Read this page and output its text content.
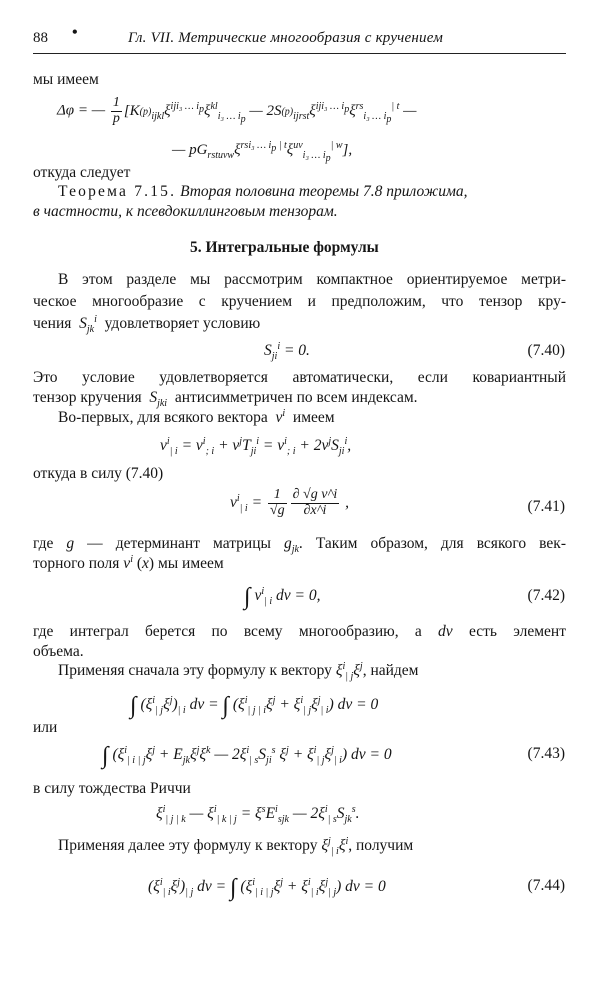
88 •	Гл. VII. Метрические многообразия с кручением
мы имеем
Δφ = — $\frac{1}{p} [K_{^{(p)}ijkl}\xi^{iji_3 \dots i_p}\xi^{kl}_{i_3 \dots i_p}$ — $2S_{^{(p)}ijrst}\xi^{iji_3 \dots i_p}\xi^{rs}_{i_3 \dots i_p}^{| t}$ —
— $pG_{rstuvw}\xi^{rsi_3 \dots i_p | t}\xi^{uv}_{i_3 \dots i_p}^{| w}$],
откуда следует
Теорема 7.15. Вторая половина теоремы 7.8 приложима,
в частности, к псевдокиллинговым тензорам.
5. Интегральные формулы
В этом разделе мы рассмотрим компактное ориентируемое метри-
ческое многообразие с кручением и предположим, что тензор кру-
чения  $S_{jk}^i$ удовлетворяет условию
$S_{ji}^i = 0$.	(7.40)
Это условие удовлетворяется автоматически, если ковариантный
тензор кручения  $S_{jki}$ антисимметричен по всем индексам.
Во-первых, для всякого вектора  $v^i$ имеем
$v^i_{| i} = v^i_{; i} + v^jT_{ji}^i = v^i_{; i} + 2v^jS_{ji}^i$,
откуда в силу (7.40)
$v^i_{| i} = \frac{1}{√g} \frac{\text{∂ √g v\textasciicircum{}i}}{\partial x\^{}i}$ ,	(7.41)
где g — детерминант матрицы $g_{jk}$. Таким образом, для всякого век-
торного поля $v^i$ (x) мы имеем
∫ $v^i_{| i}$ dv = 0,	(7.42)
где интеграл берется по всему многообразию, а dv есть элемент
объема.
Применяя сначала эту формулу к вектору $\xi^i_{| j}\xi^j$, найдем
∫ $(\xi^i_{| j}\xi^j)_{| i}$ dv = ∫ $(\xi^i_{| j | i}\xi^j + \xi^i_{| j}\xi^j_{| i})$ dv = 0
или
∫ ($\xi^i_{| i | j}\xi^j + E_{jk}\xi^j\xi^k$ — $2\xi^i_{| s}S_{ji}^s$ $\xi^j + \xi^i_{| j}\xi^j_{| i}$) dv = 0	(7.43)
в силу тождества Риччи
$\xi^i_{| j | k}$ — $\xi^i_{| k | j} = \xi^sE^i_{sjk}$ — $2\xi^i_{| s}S_{jk}^s$.
Применяя далее эту формулу к вектору $\xi^j_{| i}\xi^i$, получим
$(\xi^i_{| i}\xi^j)_{| j}$ dv = ∫ $(\xi^i_{| i | j}\xi^j + \xi^i_{| i}\xi^j_{| j})$ dv = 0	(7.44)
